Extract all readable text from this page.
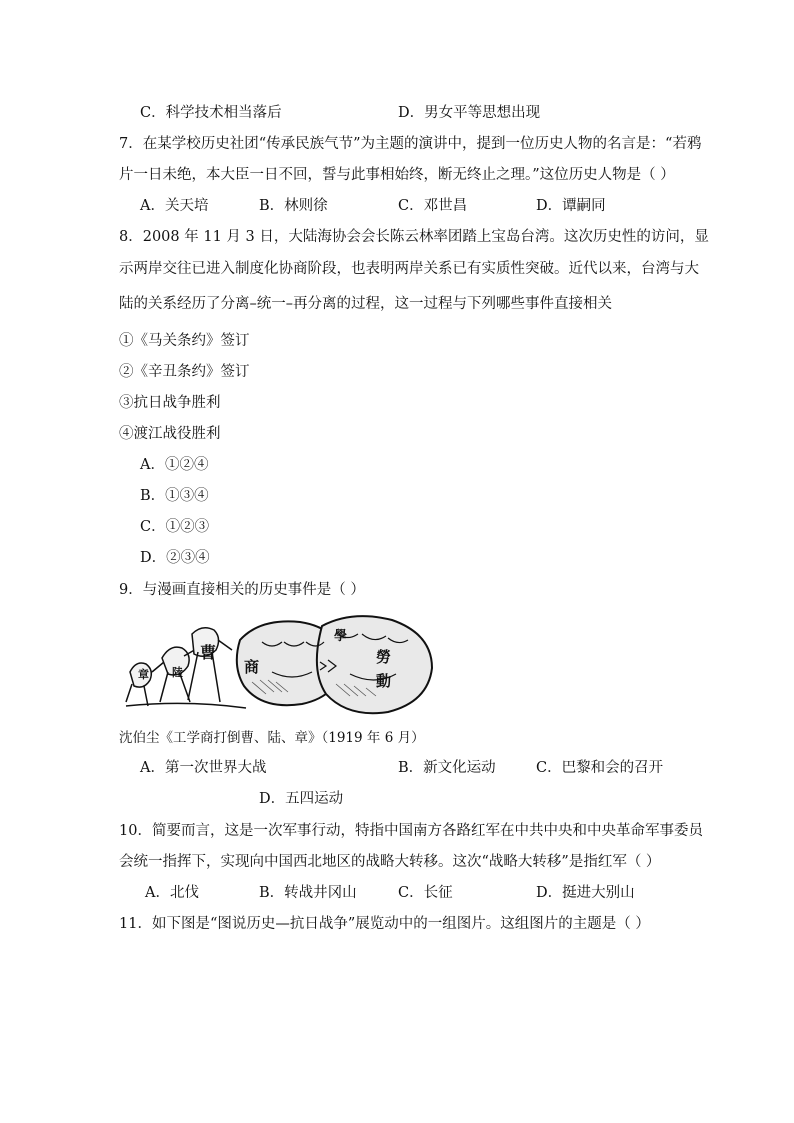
C．科学技术相当落后	D．男女平等思想出现
7．在某学校历史社团“传承民族气节”为主题的演讲中，提到一位历史人物的名言是：“若鸦
片一日未绝，本大臣一日不回，誓与此事相始终，断无终止之理。”这位历史人物是（ ）
A．关天培	B．林则徐	C．邓世昌	D．谭嗣同
8．2008 年 11 月 3 日，大陆海协会会长陈云林率团踏上宝岛台湾。这次历史性的访问，显
示两岸交往已进入制度化协商阶段，也表明两岸关系已有实质性突破。近代以来，台湾与大
陆的关系经历了分离–统一–再分离的过程，这一过程与下列哪些事件直接相关
①《马关条约》签订
②《辛丑条约》签订
③抗日战争胜利
④渡江战役胜利
A．①②④
B．①③④
C．①②③
D．②③④
9．与漫画直接相关的历史事件是（ ）
章 陸
曹
商
學
勞
動
沈伯尘《工学商打倒曹、陆、章》（1919 年 6 月）
A．第一次世界大战	B．新文化运动	C．巴黎和会的召开
D．五四运动
10．简要而言，这是一次军事行动，特指中国南方各路红军在中共中央和中央革命军事委员
会统一指挥下，实现向中国西北地区的战略大转移。这次“战略大转移”是指红军（ ）
A．北伐	B．转战井冈山	C．长征	D．挺进大别山
11．如下图是“图说历史—抗日战争”展览动中的一组图片。这组图片的主题是（ ）
